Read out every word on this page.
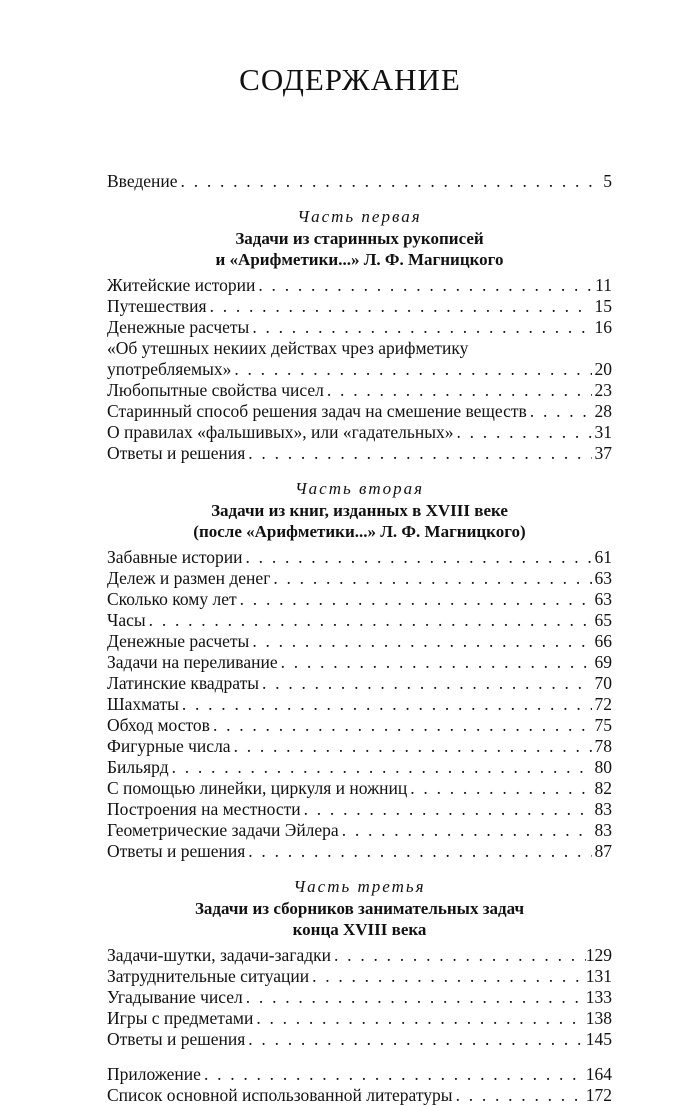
СОДЕРЖАНИЕ
Введение . . .	5
Часть первая
Задачи из старинных рукописей
и «Арифметики...» Л. Ф. Магницкого
Житейские истории . . .	11
Путешествия . . .	15
Денежные расчеты . . .	16
«Об утешных некиих действах чрез арифметику
употребляемых» . . .	20
Любопытные свойства чисел . . .	23
Старинный способ решения задач на смешение веществ . . .	28
О правилах «фальшивых», или «гадательных» . . .	31
Ответы и решения . . .	37
Часть вторая
Задачи из книг, изданных в XVIII веке
(после «Арифметики...» Л. Ф. Магницкого)
Забавные истории . . .	61
Дележ и размен денег . . .	63
Сколько кому лет . . .	63
Часы . . .	65
Денежные расчеты . . .	66
Задачи на переливание . . .	69
Латинские квадраты . . .	70
Шахматы . . .	72
Обход мостов . . .	75
Фигурные числа . . .	78
Бильярд . . .	80
С помощью линейки, циркуля и ножниц . . .	82
Построения на местности . . .	83
Геометрические задачи Эйлера . . .	83
Ответы и решения . . .	87
Часть третья
Задачи из сборников занимательных задач
конца XVIII века
Задачи-шутки, задачи-загадки . . .	129
Затруднительные ситуации . . .	131
Угадывание чисел . . .	133
Игры с предметами . . .	138
Ответы и решения . . .	145
Приложение . . .	164
Список основной использованной литературы . . .	172
